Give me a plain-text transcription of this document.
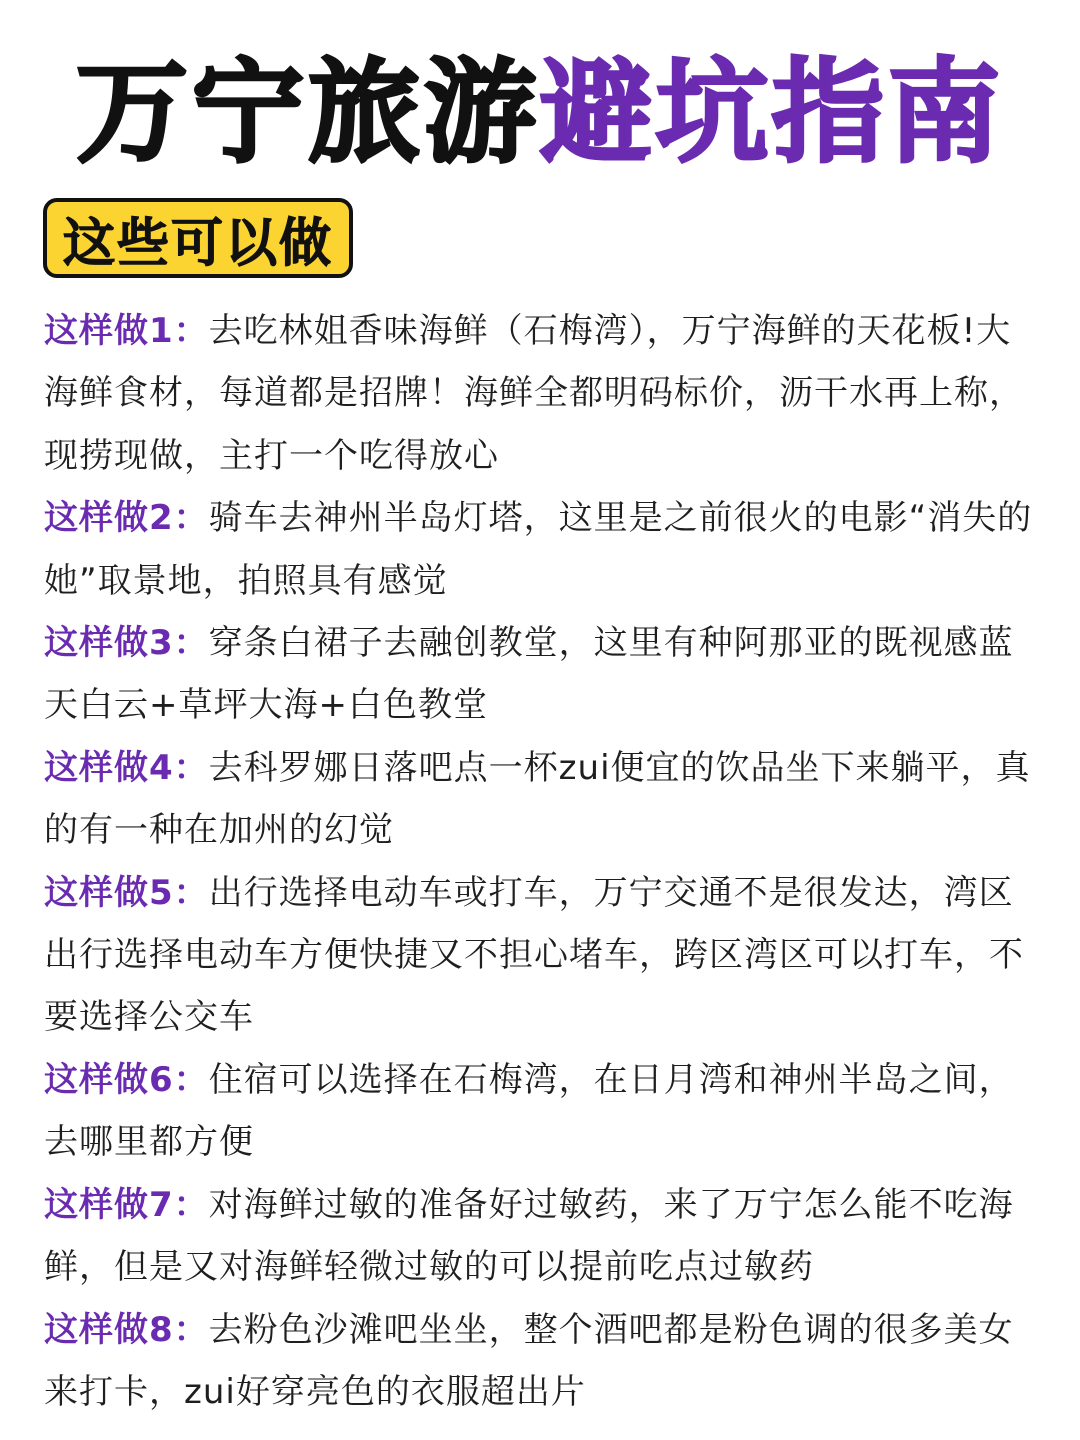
万宁旅游避坑指南
这些可以做

这样做1：去吃林姐香味海鲜（石梅湾），万宁海鲜的天花板!大海鲜食材，每道都是招牌！海鲜全都明码标价，沥干水再上称，现捞现做，主打一个吃得放心

这样做2：骑车去神州半岛灯塔，这里是之前很火的电影“消失的她”取景地，拍照具有感觉

这样做3：穿条白裙子去融创教堂，这里有种阿那亚的既视感蓝天白云+草坪大海+白色教堂

这样做4：去科罗娜日落吧点一杯zui便宜的饮品坐下来躺平，真的有一种在加州的幻觉

这样做5：出行选择电动车或打车，万宁交通不是很发达，湾区出行选择电动车方便快捷又不担心堵车，跨区湾区可以打车，不要选择公交车

这样做6：住宿可以选择在石梅湾，在日月湾和神州半岛之间，去哪里都方便

这样做7：对海鲜过敏的准备好过敏药，来了万宁怎么能不吃海鲜，但是又对海鲜轻微过敏的可以提前吃点过敏药

这样做8：去粉色沙滩吧坐坐，整个酒吧都是粉色调的很多美女来打卡，zui好穿亮色的衣服超出片
